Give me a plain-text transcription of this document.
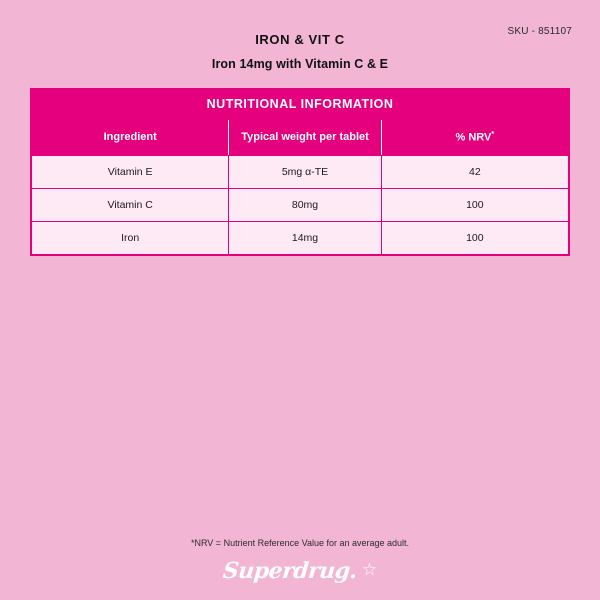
SKU - 851107
IRON & VIT C
Iron 14mg with Vitamin C & E
NUTRITIONAL INFORMATION
Ingredient	Typical weight per tablet	% NRV*
Vitamin E	5mg α-TE	42
Vitamin C	80mg	100
Iron	14mg	100
*NRV = Nutrient Reference Value for an average adult.
Superdrug. ☆
